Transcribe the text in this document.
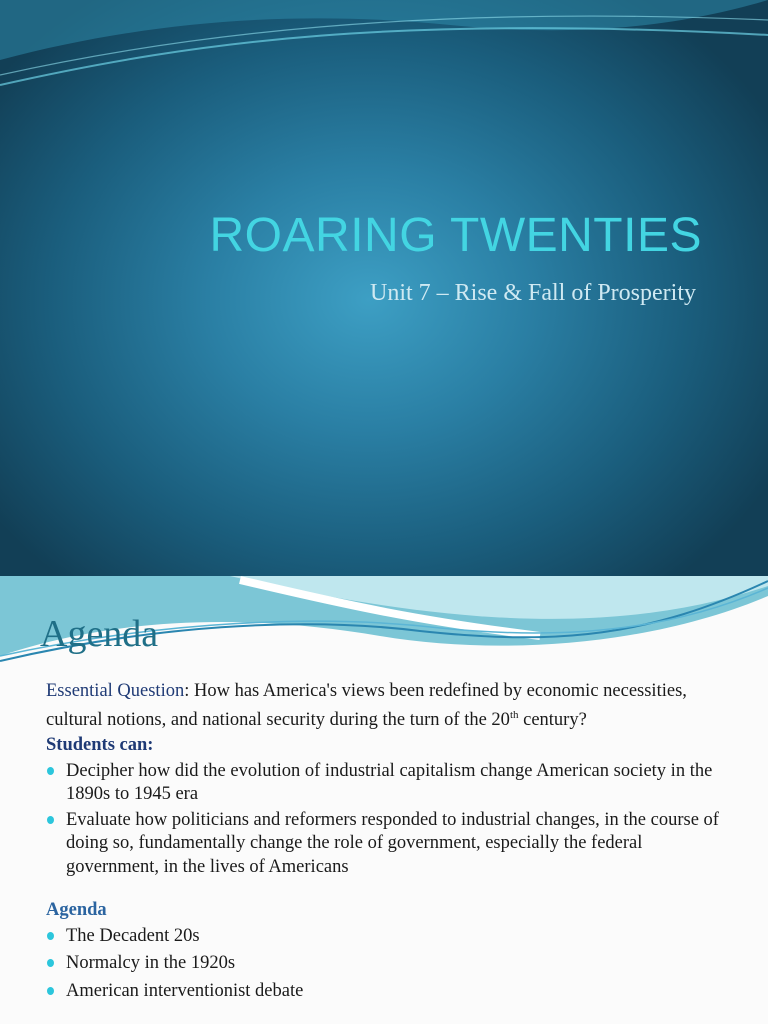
ROARING TWENTIES
Unit 7 – Rise & Fall of Prosperity
Agenda
Essential Question: How has America's views been redefined by economic necessities, cultural notions, and national security during the turn of the 20th century?
Students can:
Decipher how did the evolution of industrial capitalism change American society in the 1890s to 1945 era
Evaluate how politicians and reformers responded to industrial changes, in the course of doing so, fundamentally change the role of government, especially the federal government, in the lives of Americans
Agenda
The Decadent 20s
Normalcy in the 1920s
American interventionist debate
